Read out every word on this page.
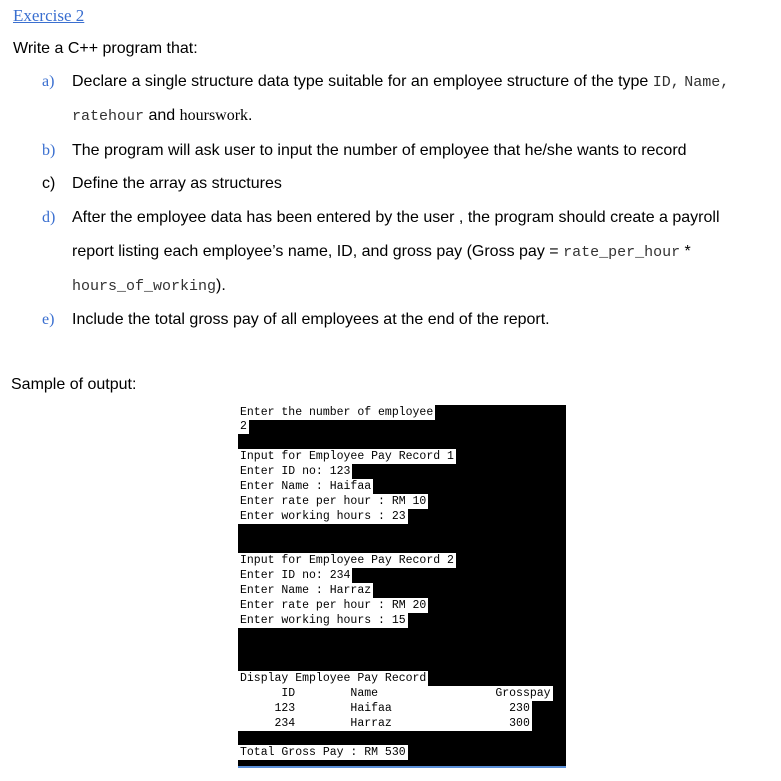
Exercise 2
Write a C++ program that:
a) Declare a single structure data type suitable for an employee structure of the type ID, Name,
ratehour and hourswork.
b) The program will ask user to input the number of employee that he/she wants to record
c) Define the array as structures
d) After the employee data has been entered by the user , the program should create a payroll
report listing each employee’s name, ID, and gross pay (Gross pay = rate_per_hour *
hours_of_working).
e) Include the total gross pay of all employees at the end of the report.
Sample of output:
Enter the number of employee
2
Input for Employee Pay Record 1
Enter ID no: 123
Enter Name : Haifaa
Enter rate per hour : RM 10
Enter working hours : 23
Input for Employee Pay Record 2
Enter ID no: 234
Enter Name : Harraz
Enter rate per hour : RM 20
Enter working hours : 15
Display Employee Pay Record
ID        Name                 Grosspay
123        Haifaa                 230
234        Harraz                 300
Total Gross Pay : RM 530
